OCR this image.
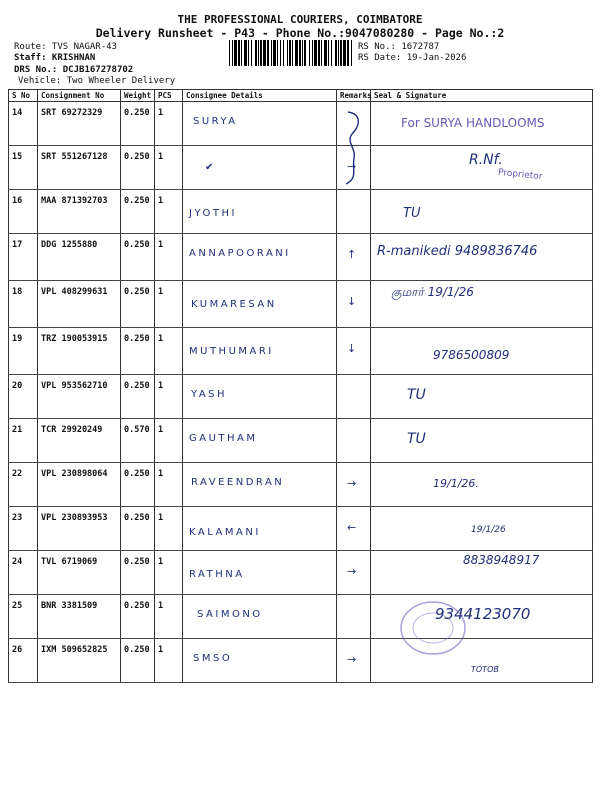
THE PROFESSIONAL COURIERS, COIMBATORE
Delivery Runsheet - P43 - Phone No.:9047080280 - Page No.:2
Route: TVS NAGAR-43
Staff: KRISHNAN
DRS No.: DCJB167278702
Vehicle: Two Wheeler Delivery
RS No.: 1672787
RS Date: 19-Jan-2026
S No	Consignment No	Weight	PCS	Consignee Details	Remarks	Seal & Signature
14	SRT 69272329	0.250	1	SURYA		For SURYA HANDLOOMS

15	SRT 551267128	0.250	1	✔	→	R.Nf.

16	MAA 871392703	0.250	1	JYOTHI		TU

17	DDG 1255880	0.250	1	ANNAPOORANI	↑	R-manikedi 9489836746

18	VPL 408299631	0.250	1	KUMARESAN	↓	குமார் 19/1/26

19	TRZ 190053915	0.250	1	MUTHUMARI	↓	9786500809

20	VPL 953562710	0.250	1	YASH		TU

21	TCR 29920249	0.570	1	GAUTHAM		TU

22	VPL 230898064	0.250	1	RAVEENDRAN	→	19/1/26.

23	VPL 230893953	0.250	1	KALAMANI	←	19/1/26

24	TVL 6719069	0.250	1	RATHNA	→	8838948917

25	BNR 3381509	0.250	1	SAIMONO		9344123070

26	IXM 509652825	0.250	1	SMSO	→	TOTOB
Proprietor
